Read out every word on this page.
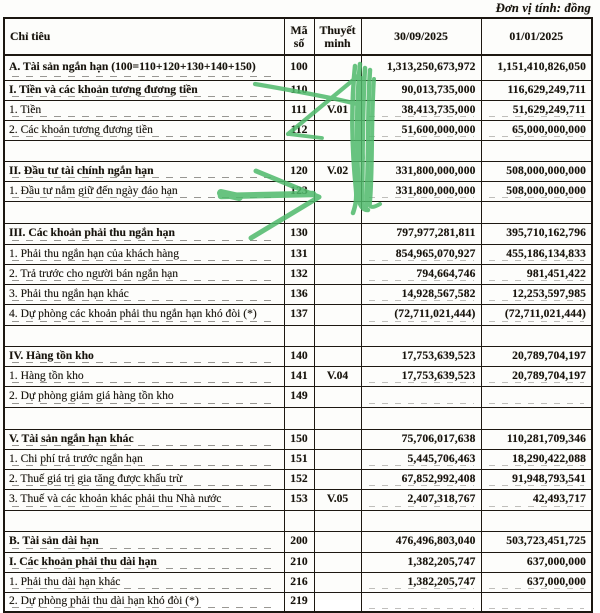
Đơn vị tính: đồng
Chỉ tiêu	Mã số	Thuyết minh	30/09/2025	01/01/2025
A. Tài sản ngắn hạn (100=110+120+130+140+150)	100		1,313,250,673,972	1,151,410,826,050
I. Tiền và các khoản tương đương tiền	110		90,013,735,000	116,629,249,711
1. Tiền	111	V.01	38,413,735,000	51,629,249,711
2. Các khoản tương đương tiền	112		51,600,000,000	65,000,000,000

II. Đầu tư tài chính ngắn hạn	120	V.02	331,800,000,000	508,000,000,000
1. Đầu tư nắm giữ đến ngày đáo hạn	123		331,800,000,000	508,000,000,000

III. Các khoản phải thu ngắn hạn	130		797,977,281,811	395,710,162,796
1. Phải thu ngắn hạn của khách hàng	131		854,965,070,927	455,186,134,833
2. Trả trước cho người bán ngắn hạn	132		794,664,746	981,451,422
3. Phải thu ngắn hạn khác	136		14,928,567,582	12,253,597,985
4. Dự phòng các khoản phải thu ngắn hạn khó đòi (*)	137		(72,711,021,444)	(72,711,021,444)

IV. Hàng tồn kho	140		17,753,639,523	20,789,704,197
1. Hàng tồn kho	141	V.04	17,753,639,523	20,789,704,197
2. Dự phòng giảm giá hàng tồn kho	149			

V. Tài sản ngắn hạn khác	150		75,706,017,638	110,281,709,346
1. Chi phí trả trước ngắn hạn	151		5,445,706,463	18,290,422,088
2. Thuế giá trị gia tăng được khấu trừ	152		67,852,992,408	91,948,793,541
3. Thuế và các khoản khác phải thu Nhà nước	153	V.05	2,407,318,767	42,493,717

B. Tài sản dài hạn	200		476,496,803,040	503,723,451,725
I. Các khoản phải thu dài hạn	210		1,382,205,747	637,000,000
1. Phải thu dài hạn khác	216		1,382,205,747	637,000,000
2. Dự phòng phải thu dài hạn khó đòi (*)	219			
